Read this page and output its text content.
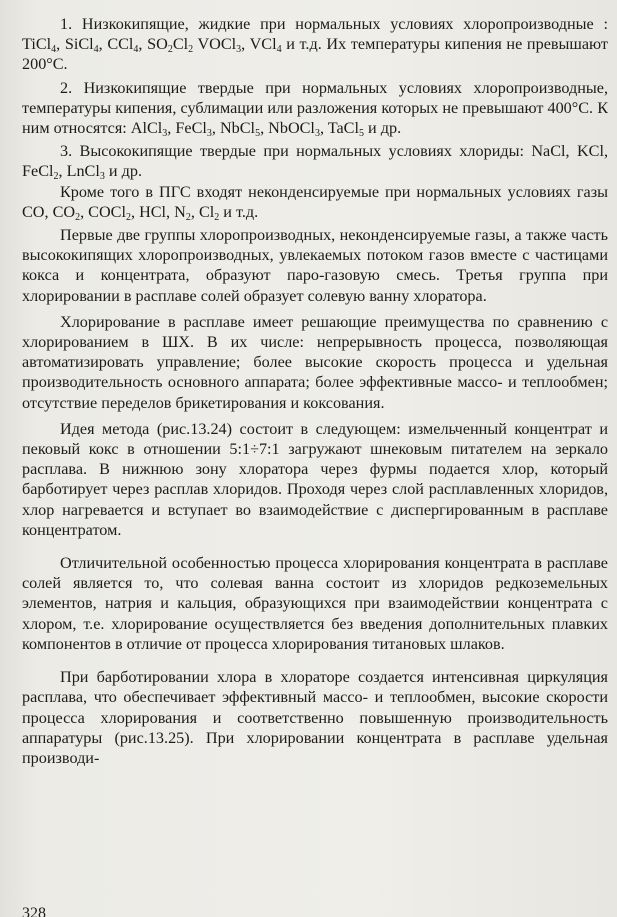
1. Низкокипящие, жидкие при нормальных условиях хлоропроизводные : TiCl$_4$, SiCl$_4$, CCl$_4$, $SO_2Cl_2$ VOCl$_3$, VCl$_4$ и т.д. Их температуры кипения не превышают 200°С.

2. Низкокипящие твердые при нормальных условиях хлоропроизводные, температуры кипения, сублимации или разложения которых не превышают 400°С. К ним относятся: AlCl$_3$, FeCl$_3$, NbCl$_5$, NbOCl$_3$, TaCl$_5$ и др.

3. Высококипящие твердые при нормальных условиях хлориды: NaCl, KCl, FeCl$_2$, LnCl$_3$ и др.

Кроме того в ПГС входят неконденсируемые при нормальных условиях газы CO, $CO_2$, COCl$_2$, HCl, $N_2$, $Cl_2$ и т.д.

Первые две группы хлоропроизводных, неконденсируемые газы, а также часть высококипящих хлоропроизводных, увлекаемых потоком газов вместе с частицами кокса и концентрата, образуют паро-газовую смесь. Третья группа при хлорировании в расплаве солей образует солевую ванну хлоратора.

Хлорирование в расплаве имеет решающие преимущества по сравнению с хлорированием в ШХ. В их числе: непрерывность процесса, позволяющая автоматизировать управление; более высокие скорость процесса и удельная производительность основного аппарата; более эффективные массо- и теплообмен; отсутствие переделов брикетирования и коксования.

Идея метода (рис.13.24) состоит в следующем: измельченный концентрат и пековый кокс в отношении 5:1÷7:1 загружают шнековым питателем на зеркало расплава. В нижнюю зону хлоратора через фурмы подается хлор, который барботирует через расплав хлоридов. Проходя через слой расплавленных хлоридов, хлор нагревается и вступает во взаимодействие с диспергированным в расплаве концентратом.

Отличительной особенностью процесса хлорирования концентрата в расплаве солей является то, что солевая ванна состоит из хлоридов редкоземельных элементов, натрия и кальция, образующихся при взаимодействии концентрата с хлором, т.е. хлорирование осуществляется без введения дополнительных плавких компонентов в отличие от процесса хлорирования титановых шлаков.

При барботировании хлора в хлораторе создается интенсивная циркуляция расплава, что обеспечивает эффективный массо- и теплообмен, высокие скорости процесса хлорирования и соответственно повышенную производительность аппаратуры (рис.13.25). При хлорировании концентрата в расплаве удельная производи-

328
